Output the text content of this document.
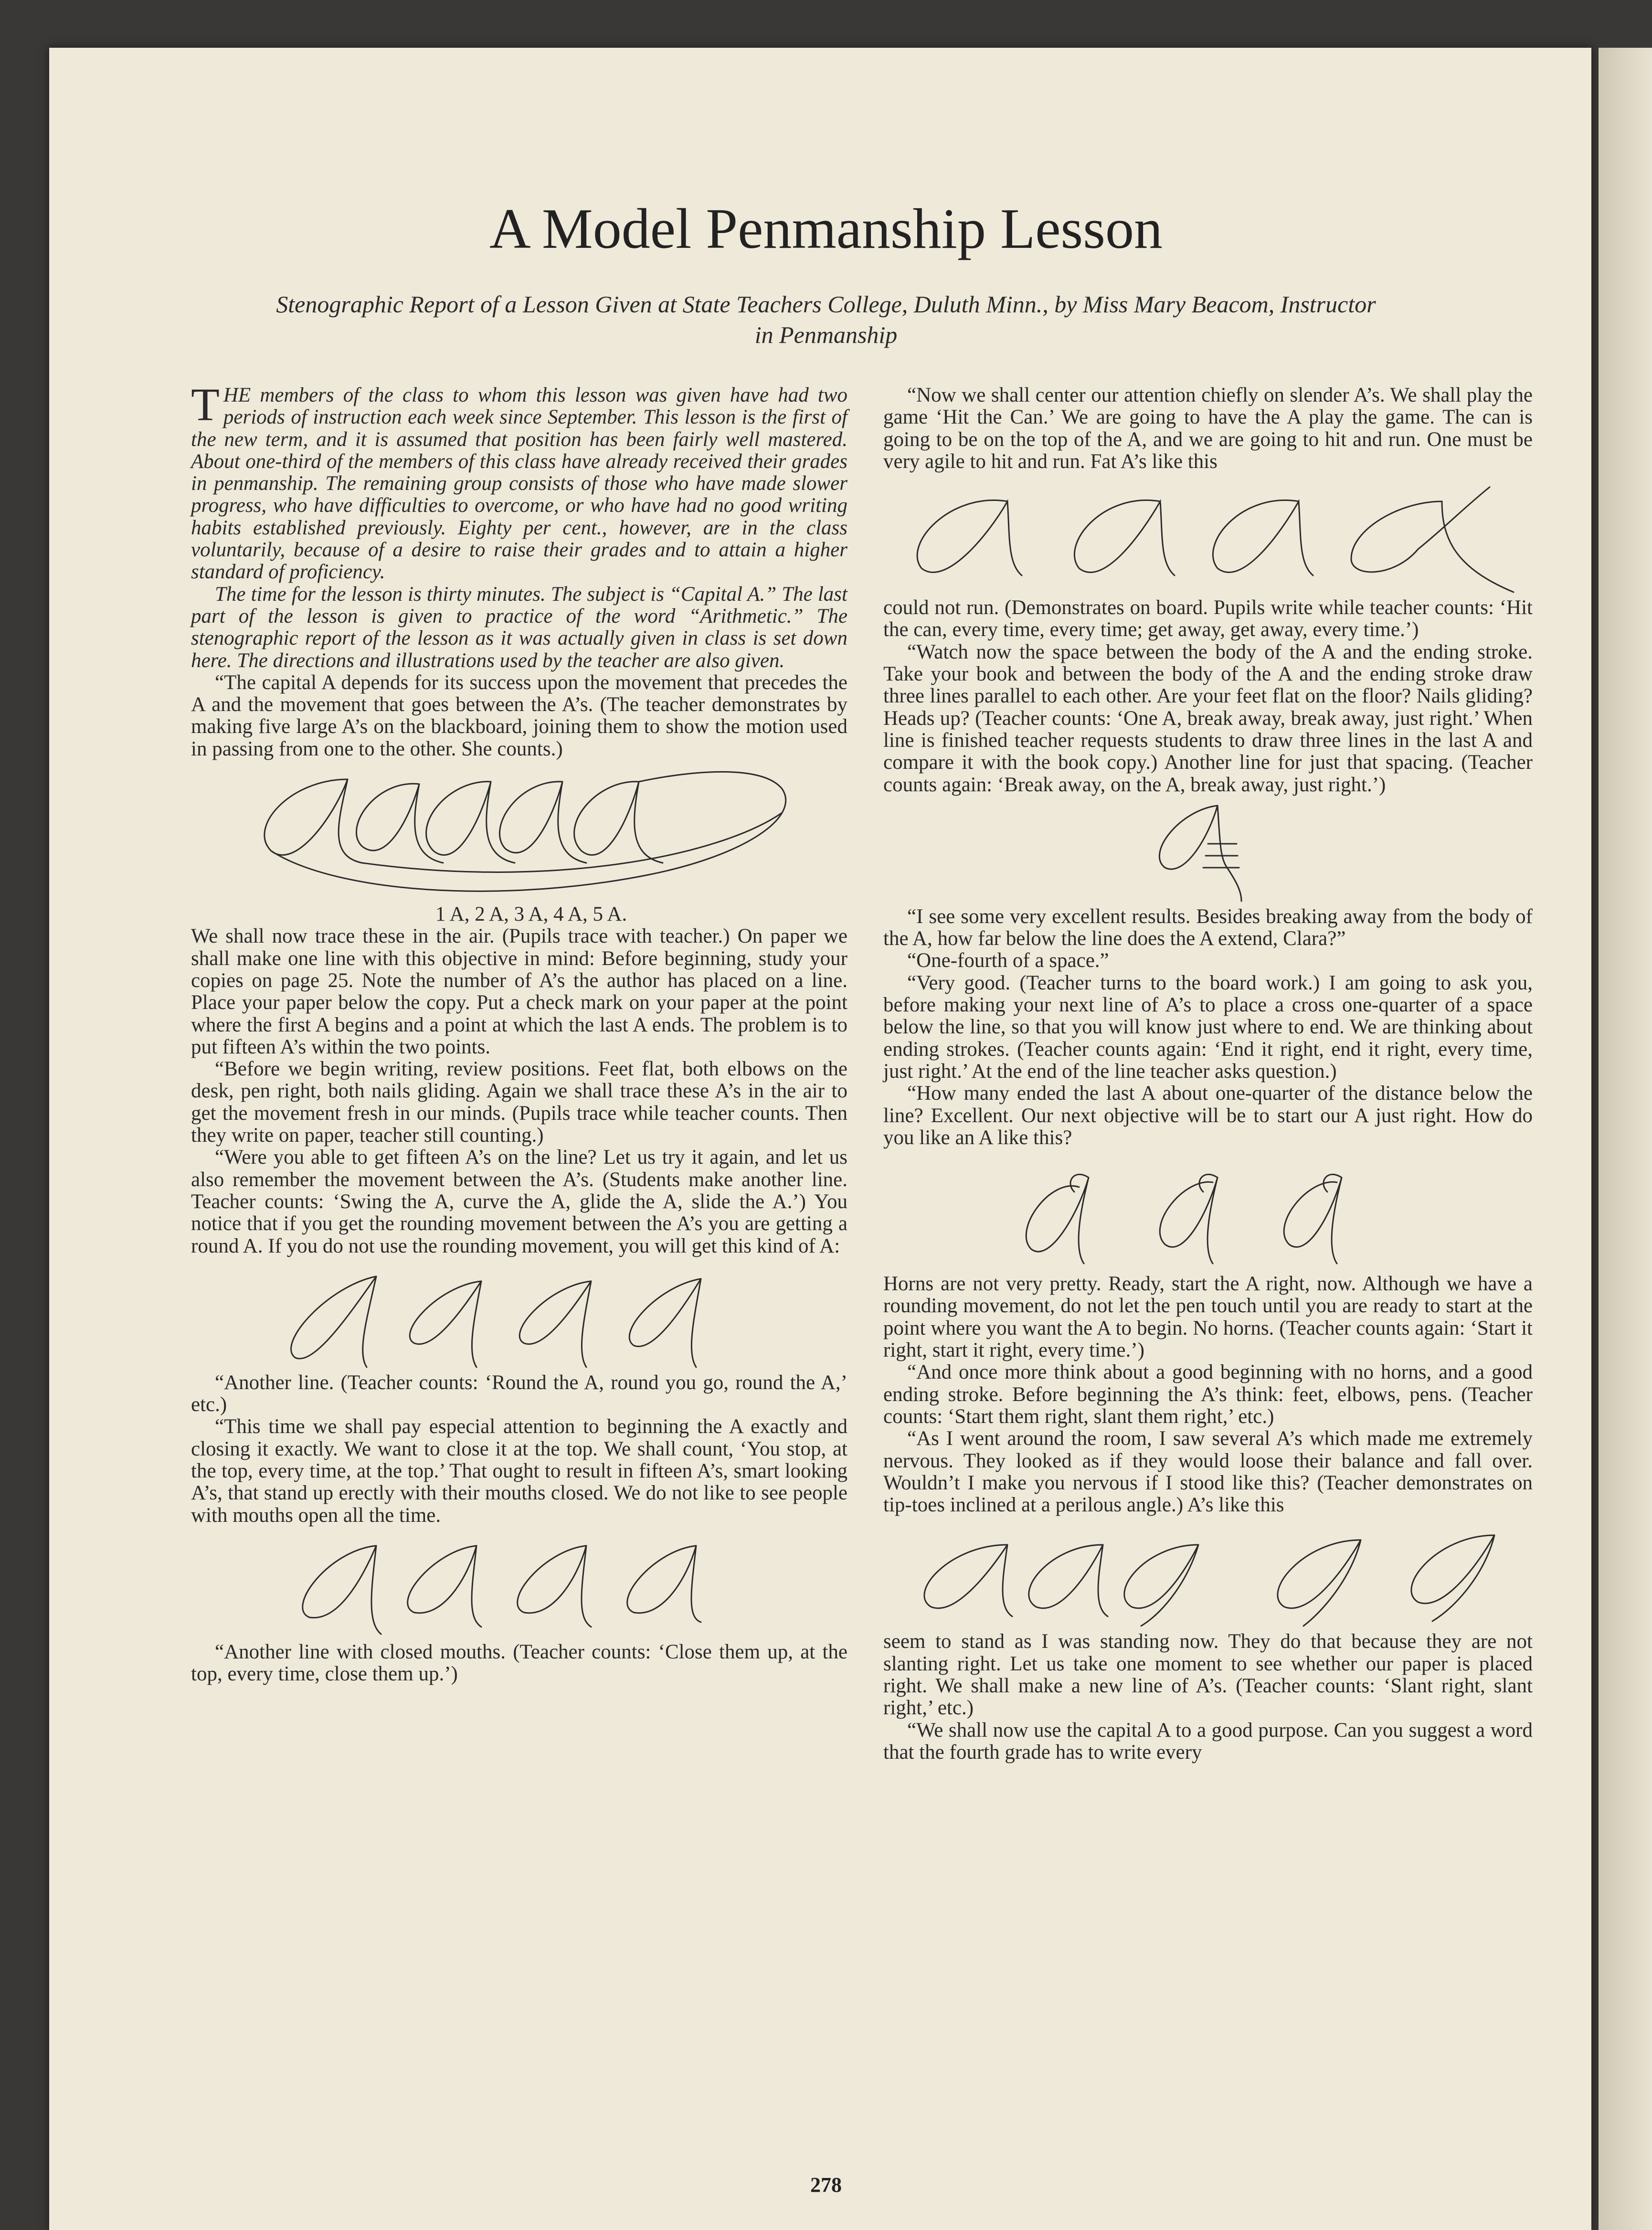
A Model Penmanship Lesson
Stenographic Report of a Lesson Given at State Teachers College, Duluth Minn., by Miss Mary Beacom, Instructor in Penmanship

THE members of the class to whom this lesson was given have had two periods of instruction each week since September. This lesson is the first of the new term, and it is assumed that position has been fairly well mastered. About one-third of the members of this class have already received their grades in penmanship. The remaining group consists of those who have made slower progress, who have difficulties to overcome, or who have had no good writing habits established previously. Eighty per cent., however, are in the class voluntarily, because of a desire to raise their grades and to attain a higher standard of proficiency.

The time for the lesson is thirty minutes. The subject is “Capital A.” The last part of the lesson is given to practice of the word “Arithmetic.” The stenographic report of the lesson as it was actually given in class is set down here. The directions and illustrations used by the teacher are also given.

“The capital A depends for its success upon the movement that precedes the A and the movement that goes between the A’s. (The teacher demonstrates by making five large A’s on the blackboard, joining them to show the motion used in passing from one to the other. She counts.)

1 A, 2 A, 3 A, 4 A, 5 A.

We shall now trace these in the air. (Pupils trace with teacher.) On paper we shall make one line with this objective in mind: Before beginning, study your copies on page 25. Note the number of A’s the author has placed on a line. Place your paper below the copy. Put a check mark on your paper at the point where the first A begins and a point at which the last A ends. The problem is to put fifteen A’s within the two points.

“Before we begin writing, review positions. Feet flat, both elbows on the desk, pen right, both nails gliding. Again we shall trace these A’s in the air to get the movement fresh in our minds. (Pupils trace while teacher counts. Then they write on paper, teacher still counting.)

“Were you able to get fifteen A’s on the line? Let us try it again, and let us also remember the movement between the A’s. (Students make another line. Teacher counts: ‘Swing the A, curve the A, glide the A, slide the A.’) You notice that if you get the rounding movement between the A’s you are getting a round A. If you do not use the rounding movement, you will get this kind of A:

“Another line. (Teacher counts: ‘Round the A, round you go, round the A,’ etc.)

“This time we shall pay especial attention to beginning the A exactly and closing it exactly. We want to close it at the top. We shall count, ‘You stop, at the top, every time, at the top.’ That ought to result in fifteen A’s, smart looking A’s, that stand up erectly with their mouths closed. We do not like to see people with mouths open all the time.

“Another line with closed mouths. (Teacher counts: ‘Close them up, at the top, every time, close them up.’)

“Now we shall center our attention chiefly on slender A’s. We shall play the game ‘Hit the Can.’ We are going to have the A play the game. The can is going to be on the top of the A, and we are going to hit and run. One must be very agile to hit and run. Fat A’s like this

could not run. (Demonstrates on board. Pupils write while teacher counts: ‘Hit the can, every time, every time; get away, get away, every time.’)

“Watch now the space between the body of the A and the ending stroke. Take your book and between the body of the A and the ending stroke draw three lines parallel to each other. Are your feet flat on the floor? Nails gliding? Heads up? (Teacher counts: ‘One A, break away, break away, just right.’ When line is finished teacher requests students to draw three lines in the last A and compare it with the book copy.) Another line for just that spacing. (Teacher counts again: ‘Break away, on the A, break away, just right.’)

“I see some very excellent results. Besides breaking away from the body of the A, how far below the line does the A extend, Clara?”

“One-fourth of a space.”

“Very good. (Teacher turns to the board work.) I am going to ask you, before making your next line of A’s to place a cross one-quarter of a space below the line, so that you will know just where to end. We are thinking about ending strokes. (Teacher counts again: ‘End it right, end it right, every time, just right.’ At the end of the line teacher asks question.)

“How many ended the last A about one-quarter of the distance below the line? Excellent. Our next objective will be to start our A just right. How do you like an A like this?

Horns are not very pretty. Ready, start the A right, now. Although we have a rounding movement, do not let the pen touch until you are ready to start at the point where you want the A to begin. No horns. (Teacher counts again: ‘Start it right, start it right, every time.’)

“And once more think about a good beginning with no horns, and a good ending stroke. Before beginning the A’s think: feet, elbows, pens. (Teacher counts: ‘Start them right, slant them right,’ etc.)

“As I went around the room, I saw several A’s which made me extremely nervous. They looked as if they would loose their balance and fall over. Wouldn’t I make you nervous if I stood like this? (Teacher demonstrates on tip-toes inclined at a perilous angle.) A’s like this

seem to stand as I was standing now. They do that because they are not slanting right. Let us take one moment to see whether our paper is placed right. We shall make a new line of A’s. (Teacher counts: ‘Slant right, slant right,’ etc.)

“We shall now use the capital A to a good purpose. Can you suggest a word that the fourth grade has to write every

278
